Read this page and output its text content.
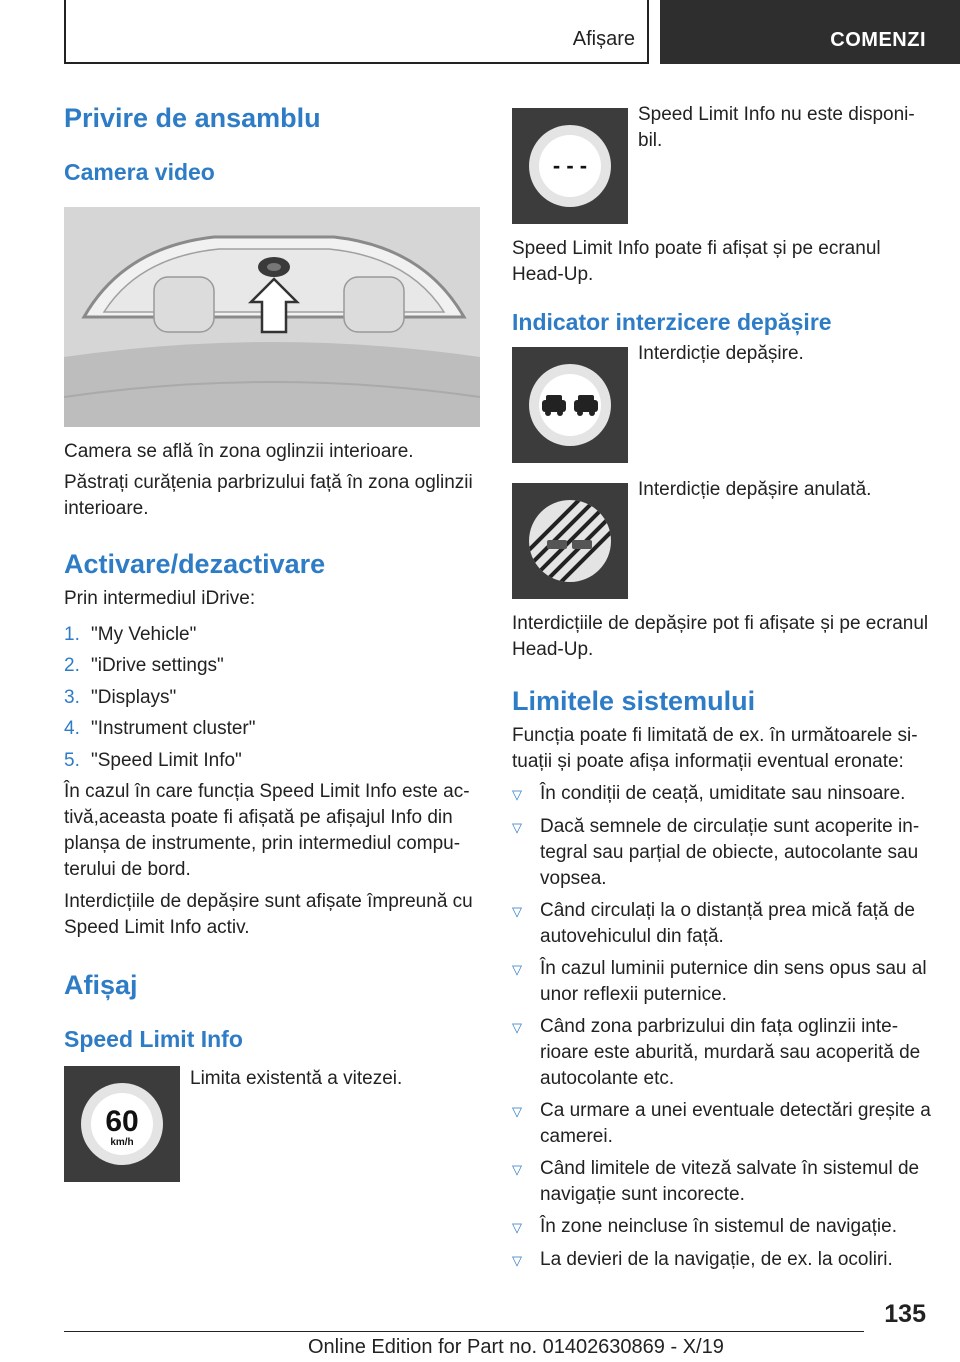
Afișare	COMENZI
Privire de ansamblu
Camera video

Camera se află în zona oglinzii interioare.

Păstrați curățenia parbrizului față în zona oglinzii interioare.

Activare/dezactivare

Prin intermediul iDrive:

1. "My Vehicle"
2. "iDrive settings"
3. "Displays"
4. "Instrument cluster"
5. "Speed Limit Info"

În cazul în care funcția Speed Limit Info este activă,aceasta poate fi afișată pe afișajul Info din planșa de instrumente, prin intermediul computerului de bord.

Interdicțiile de depășire sunt afișate împreună cu Speed Limit Info activ.

Afișaj
Speed Limit Info
60
km/h
Limita existentă a vitezei.
- - -
Speed Limit Info nu este disponibil.

Speed Limit Info poate fi afișat și pe ecranul Head-Up.

Indicator interzicere depășire
Interdicție depășire.
Interdicție depășire anulată.

Interdicțiile de depășire pot fi afișate și pe ecranul Head-Up.

Limitele sistemului

Funcția poate fi limitată de ex. în următoarele situații și poate afișa informații eventual eronate:

▽ În condiții de ceață, umiditate sau ninsoare.
▽ Dacă semnele de circulație sunt acoperite integral sau parțial de obiecte, autocolante sau vopsea.
▽ Când circulați la o distanță prea mică față de autovehiculul din față.
▽ În cazul luminii puternice din sens opus sau al unor reflexii puternice.
▽ Când zona parbrizului din fața oglinzii interioare este aburită, murdară sau acoperită de autocolante etc.
▽ Ca urmare a unei eventuale detectări greșite a camerei.
▽ Când limitele de viteză salvate în sistemul de navigație sunt incorecte.
▽ În zone neincluse în sistemul de navigație.
▽ La devieri de la navigație, de ex. la ocoliri.
135
Online Edition for Part no. 01402630869 - X/19
